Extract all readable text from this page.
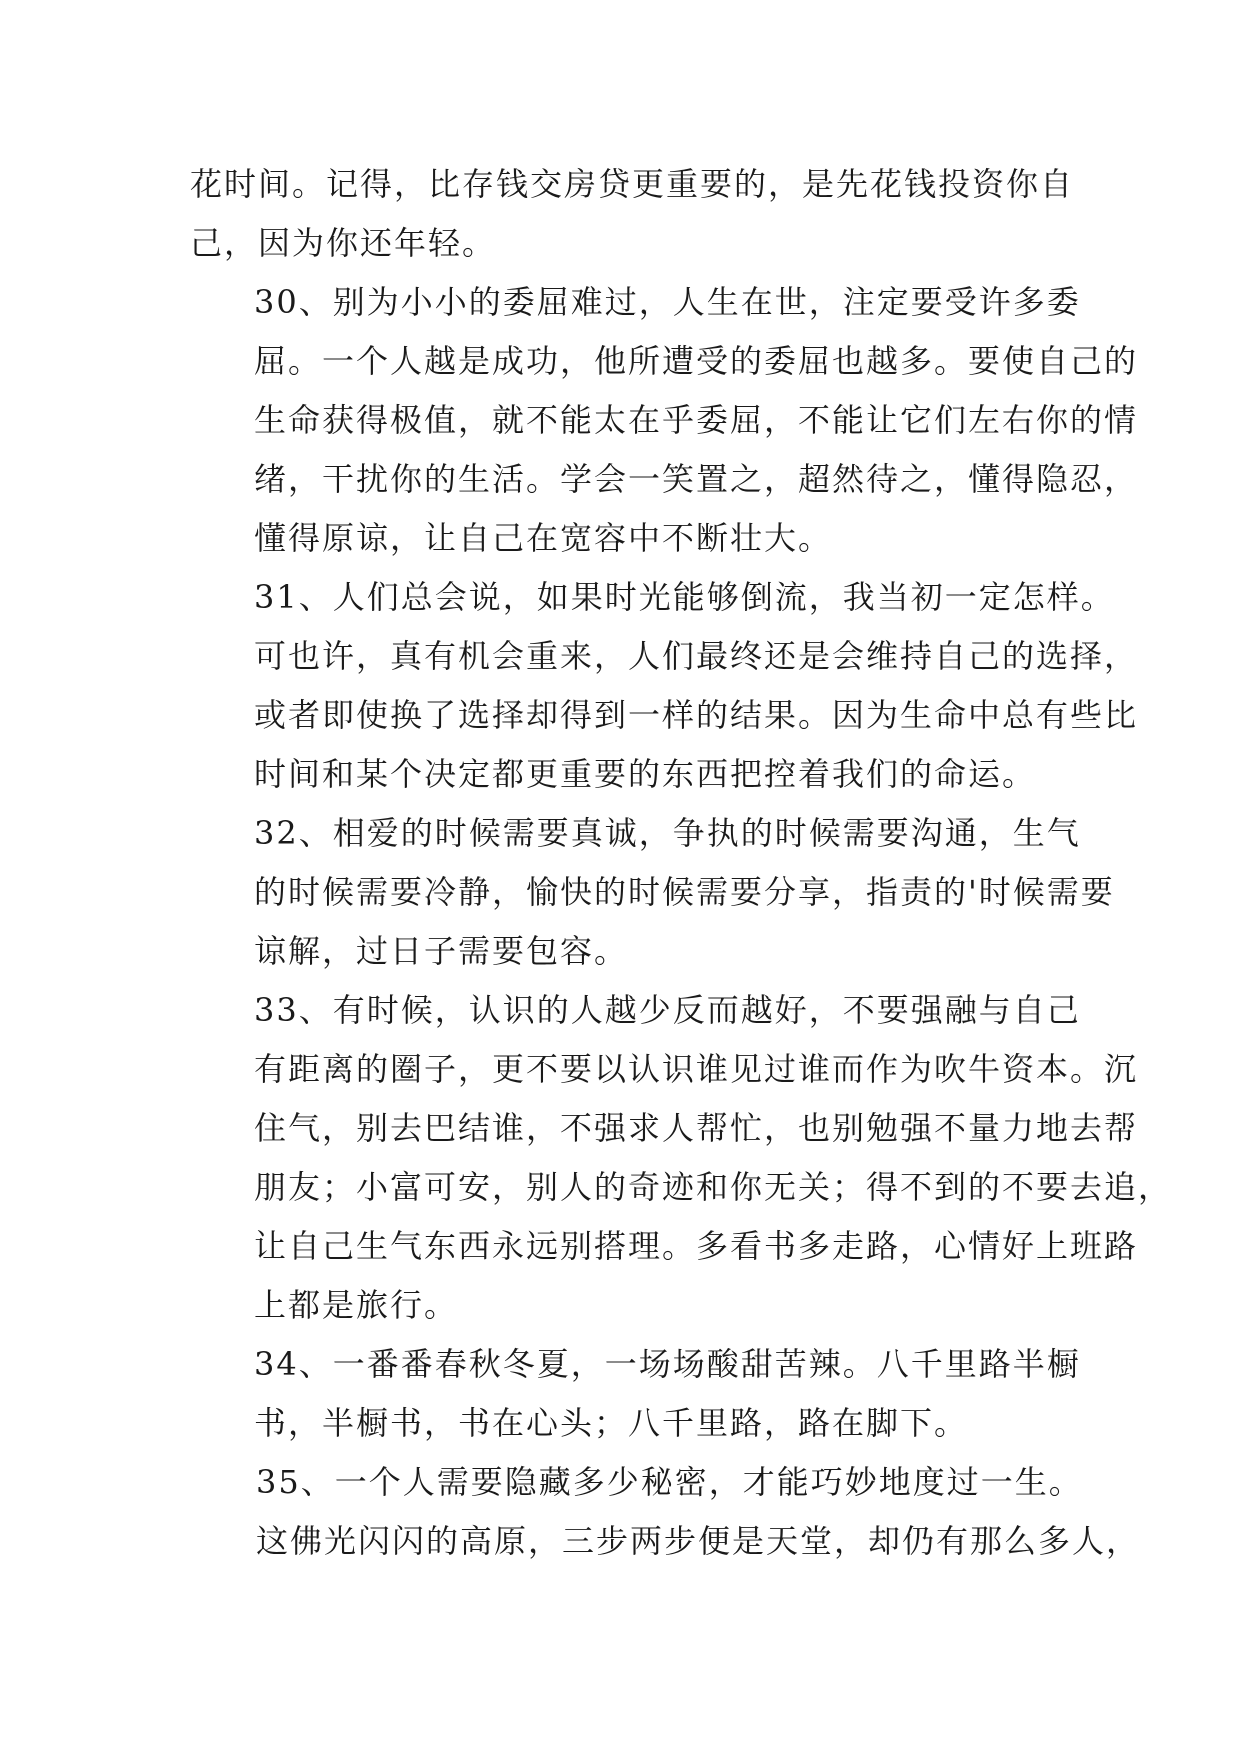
花时间。记得，比存钱交房贷更重要的，是先花钱投资你自
己，因为你还年轻。

30、别为小小的委屈难过，人生在世，注定要受许多委
屈。一个人越是成功，他所遭受的委屈也越多。要使自己的
生命获得极值，就不能太在乎委屈，不能让它们左右你的情
绪，干扰你的生活。学会一笑置之，超然待之，懂得隐忍，
懂得原谅，让自己在宽容中不断壮大。

31、人们总会说，如果时光能够倒流，我当初一定怎样。
可也许，真有机会重来，人们最终还是会维持自己的选择，
或者即使换了选择却得到一样的结果。因为生命中总有些比
时间和某个决定都更重要的东西把控着我们的命运。

32、相爱的时候需要真诚，争执的时候需要沟通，生气
的时候需要冷静，愉快的时候需要分享，指责的'时候需要
谅解，过日子需要包容。

33、有时候，认识的人越少反而越好，不要强融与自己
有距离的圈子，更不要以认识谁见过谁而作为吹牛资本。沉
住气，别去巴结谁，不强求人帮忙，也别勉强不量力地去帮
朋友；小富可安，别人的奇迹和你无关；得不到的不要去追，
让自己生气东西永远别搭理。多看书多走路，心情好上班路
上都是旅行。

34、一番番春秋冬夏，一场场酸甜苦辣。八千里路半橱
书，半橱书，书在心头；八千里路，路在脚下。

35、一个人需要隐藏多少秘密，才能巧妙地度过一生。
这佛光闪闪的高原，三步两步便是天堂，却仍有那么多人，
